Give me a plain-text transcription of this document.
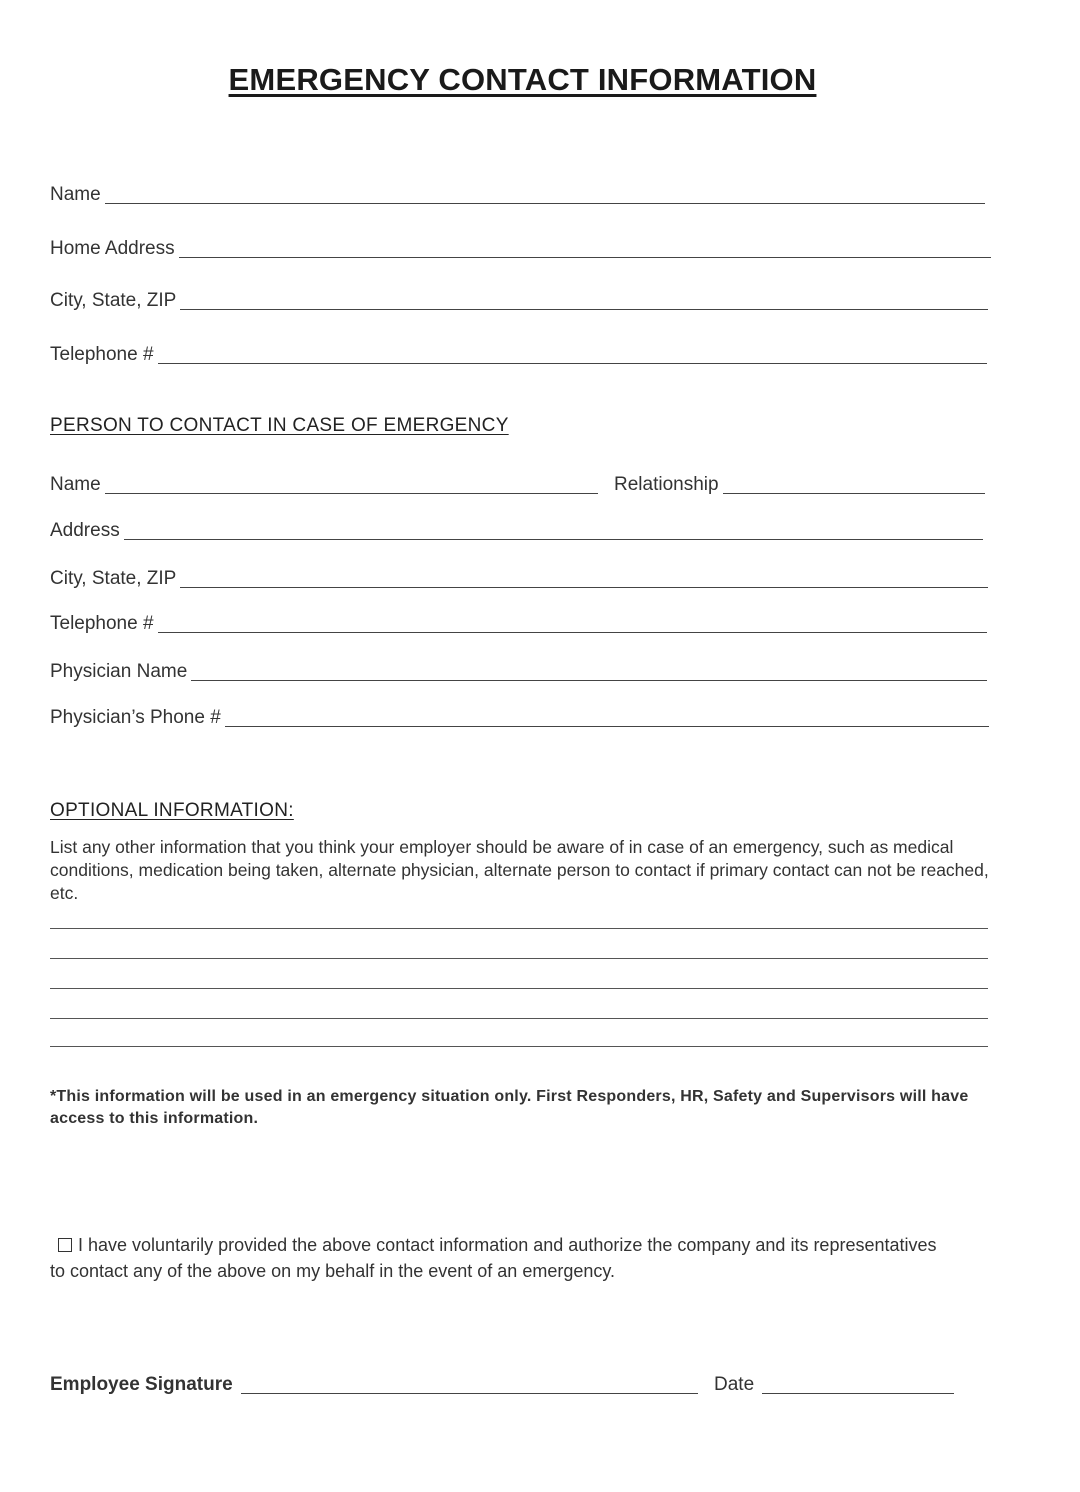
EMERGENCY CONTACT INFORMATION
Name
Home Address
City, State, ZIP
Telephone #
PERSON TO CONTACT IN CASE OF EMERGENCY
Name	Relationship
Address
City, State, ZIP
Telephone #
Physician Name
Physician’s Phone #
OPTIONAL INFORMATION:
List any other information that you think your employer should be aware of in case of an emergency, such as medical conditions, medication being taken, alternate physician, alternate person to contact if primary contact can not be reached, etc.
*This information will be used in an emergency situation only. First Responders, HR, Safety and Supervisors will have access to this information.
I have voluntarily provided the above contact information and authorize the company and its representatives to contact any of the above on my behalf in the event of an emergency.
Employee Signature	Date
